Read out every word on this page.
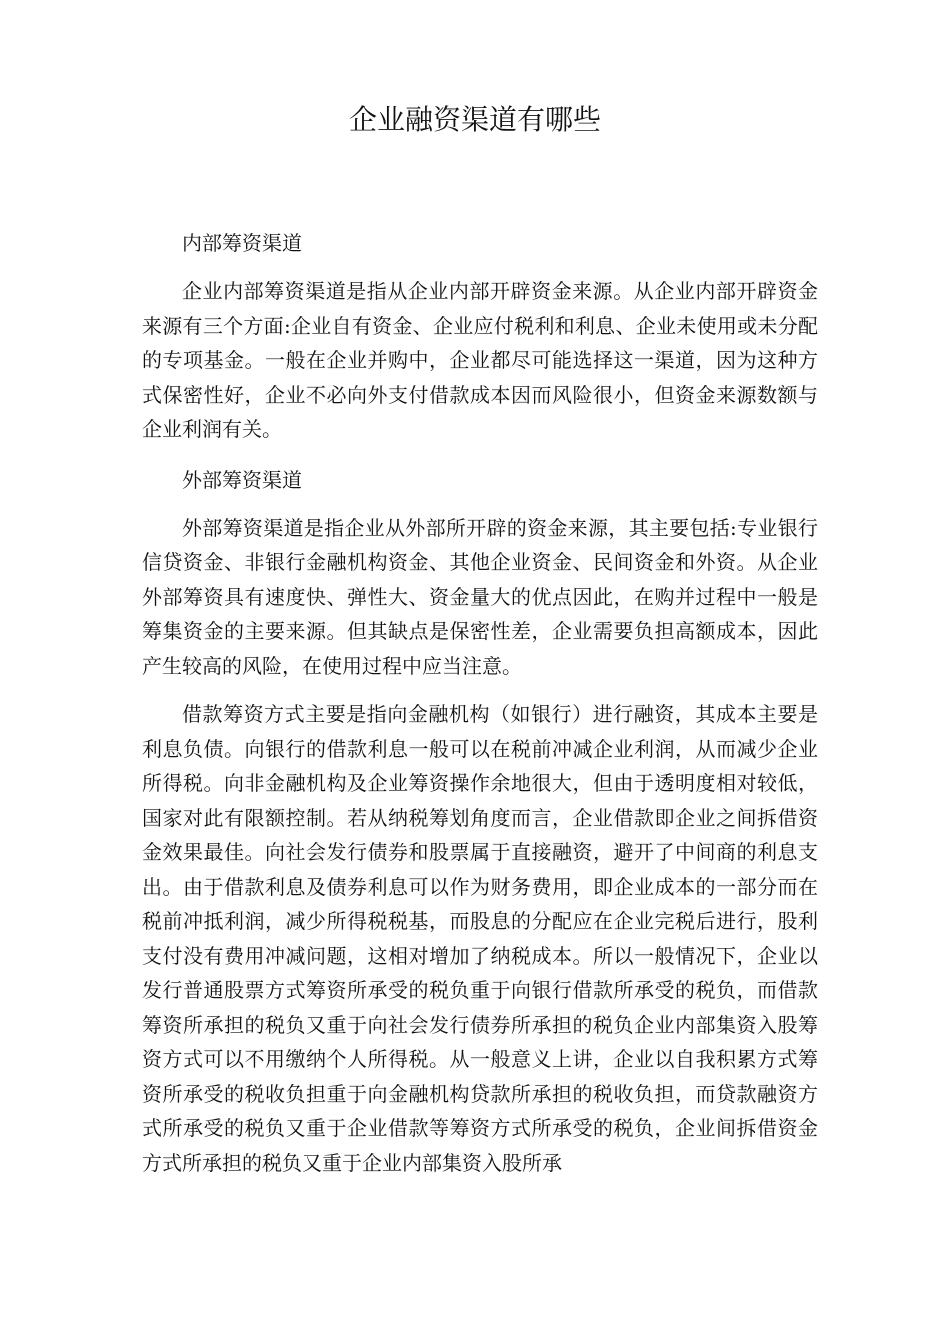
企业融资渠道有哪些

内部筹资渠道

企业内部筹资渠道是指从企业内部开辟资金来源。从企业内部开辟资金来源有三个方面:企业自有资金、企业应付税利和利息、企业未使用或未分配的专项基金。一般在企业并购中，企业都尽可能选择这一渠道，因为这种方式保密性好，企业不必向外支付借款成本因而风险很小，但资金来源数额与企业利润有关。

外部筹资渠道

外部筹资渠道是指企业从外部所开辟的资金来源，其主要包括:专业银行信贷资金、非银行金融机构资金、其他企业资金、民间资金和外资。从企业外部筹资具有速度快、弹性大、资金量大的优点因此，在购并过程中一般是筹集资金的主要来源。但其缺点是保密性差，企业需要负担高额成本，因此产生较高的风险，在使用过程中应当注意。

借款筹资方式主要是指向金融机构（如银行）进行融资，其成本主要是利息负债。向银行的借款利息一般可以在税前冲减企业利润，从而减少企业所得税。向非金融机构及企业筹资操作余地很大，但由于透明度相对较低，国家对此有限额控制。若从纳税筹划角度而言，企业借款即企业之间拆借资金效果最佳。向社会发行债券和股票属于直接融资，避开了中间商的利息支出。由于借款利息及债券利息可以作为财务费用，即企业成本的一部分而在税前冲抵利润，减少所得税税基，而股息的分配应在企业完税后进行，股利支付没有费用冲减问题，这相对增加了纳税成本。所以一般情况下，企业以发行普通股票方式筹资所承受的税负重于向银行借款所承受的税负，而借款筹资所承担的税负又重于向社会发行债券所承担的税负企业内部集资入股筹资方式可以不用缴纳个人所得税。从一般意义上讲，企业以自我积累方式筹资所承受的税收负担重于向金融机构贷款所承担的税收负担，而贷款融资方式所承受的税负又重于企业借款等筹资方式所承受的税负，企业间拆借资金方式所承担的税负又重于企业内部集资入股所承
